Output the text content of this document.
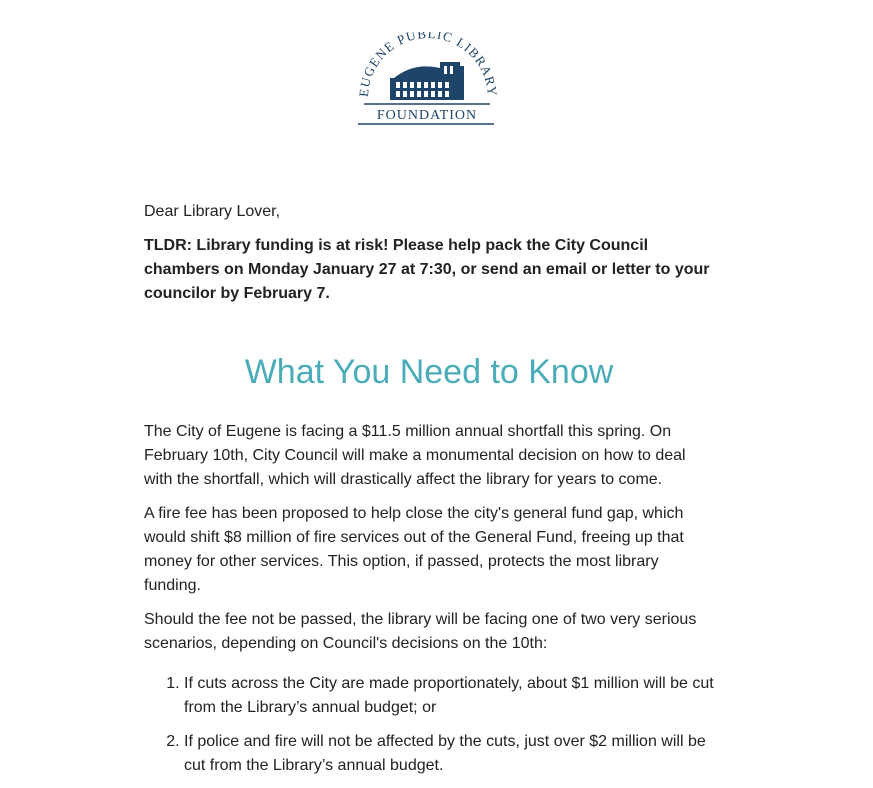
EUGENE PUBLIC LIBRARY
FOUNDATION

Dear Library Lover,

TLDR: Library funding is at risk! Please help pack the City Council chambers on Monday January 27 at 7:30, or send an email or letter to your councilor by February 7.

What You Need to Know

The City of Eugene is facing a $11.5 million annual shortfall this spring. On February 10th, City Council will make a monumental decision on how to deal with the shortfall, which will drastically affect the library for years to come.

A fire fee has been proposed to help close the city's general fund gap, which would shift $8 million of fire services out of the General Fund, freeing up that money for other services. This option, if passed, protects the most library funding.

Should the fee not be passed, the library will be facing one of two very serious scenarios, depending on Council's decisions on the 10th:

1. If cuts across the City are made proportionately, about $1 million will be cut from the Library’s annual budget; or
2. If police and fire will not be affected by the cuts, just over $2 million will be cut from the Library’s annual budget.
